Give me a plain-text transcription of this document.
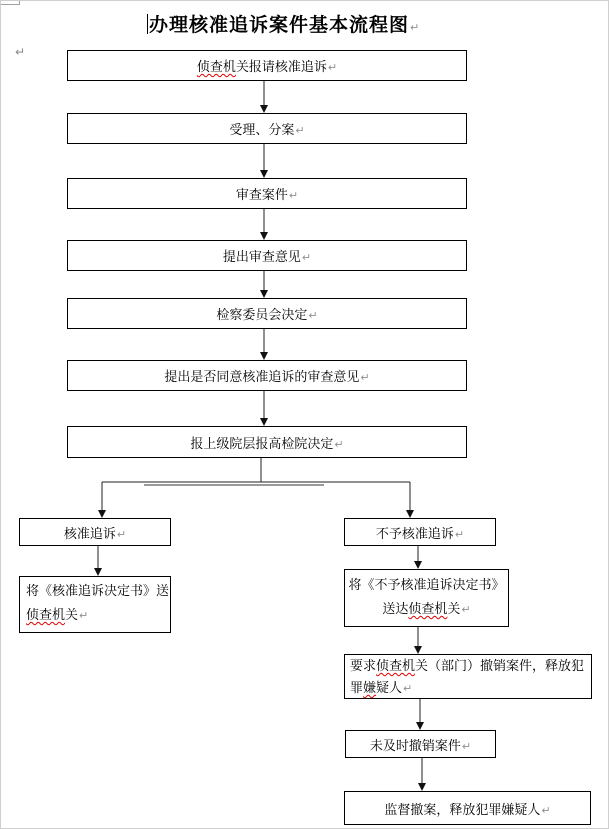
办理核准追诉案件基本流程图↵
↵
侦查机关报请核准追诉↵
受理、分案↵
审查案件↵
提出审查意见↵
检察委员会决定↵
提出是否同意核准追诉的审查意见↵
报上级院层报高检院决定↵
核准追诉↵
将《核准追诉决定书》送
侦查机关↵
不予核准追诉↵
将《不予核准追诉决定书》
送达侦查机关↵
要求侦查机关（部门）撤销案件，释放犯
罪嫌疑人↵
未及时撤销案件↵
监督撤案，释放犯罪嫌疑人↵
